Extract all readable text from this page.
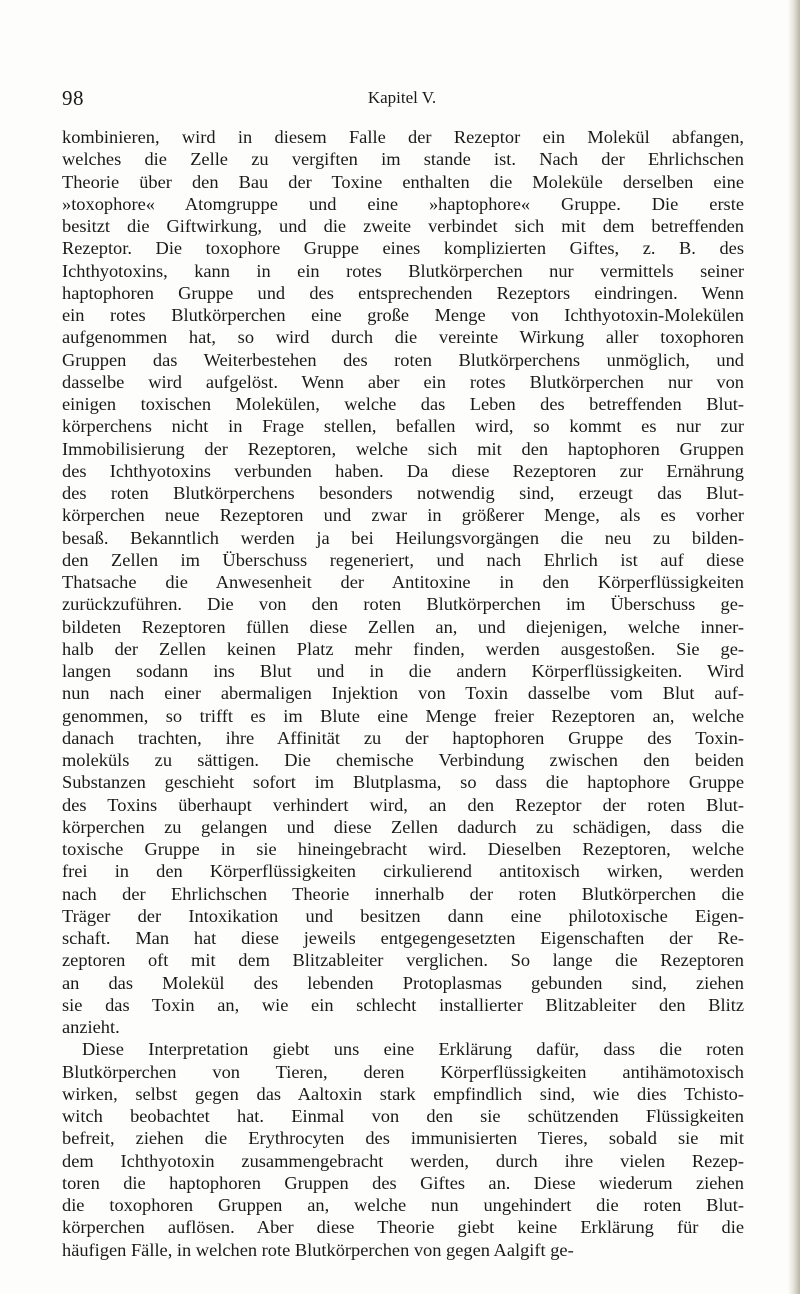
98	Kapitel V.
kombinieren, wird in diesem Falle der Rezeptor ein Molekül abfangen,
welches die Zelle zu vergiften im stande ist. Nach der Ehrlichschen
Theorie über den Bau der Toxine enthalten die Moleküle derselben eine
»toxophore« Atomgruppe und eine »haptophore« Gruppe. Die erste
besitzt die Giftwirkung, und die zweite verbindet sich mit dem betreffenden
Rezeptor. Die toxophore Gruppe eines komplizierten Giftes, z. B. des
Ichthyotoxins, kann in ein rotes Blutkörperchen nur vermittels seiner
haptophoren Gruppe und des entsprechenden Rezeptors eindringen. Wenn
ein rotes Blutkörperchen eine große Menge von Ichthyotoxin-Molekülen
aufgenommen hat, so wird durch die vereinte Wirkung aller toxophoren
Gruppen das Weiterbestehen des roten Blutkörperchens unmöglich, und
dasselbe wird aufgelöst. Wenn aber ein rotes Blutkörperchen nur von
einigen toxischen Molekülen, welche das Leben des betreffenden Blut-
körperchens nicht in Frage stellen, befallen wird, so kommt es nur zur
Immobilisierung der Rezeptoren, welche sich mit den haptophoren Gruppen
des Ichthyotoxins verbunden haben. Da diese Rezeptoren zur Ernährung
des roten Blutkörperchens besonders notwendig sind, erzeugt das Blut-
körperchen neue Rezeptoren und zwar in größerer Menge, als es vorher
besaß. Bekanntlich werden ja bei Heilungsvorgängen die neu zu bilden-
den Zellen im Überschuss regeneriert, und nach Ehrlich ist auf diese
Thatsache die Anwesenheit der Antitoxine in den Körperflüssigkeiten
zurückzuführen. Die von den roten Blutkörperchen im Überschuss ge-
bildeten Rezeptoren füllen diese Zellen an, und diejenigen, welche inner-
halb der Zellen keinen Platz mehr finden, werden ausgestoßen. Sie ge-
langen sodann ins Blut und in die andern Körperflüssigkeiten. Wird
nun nach einer abermaligen Injektion von Toxin dasselbe vom Blut auf-
genommen, so trifft es im Blute eine Menge freier Rezeptoren an, welche
danach trachten, ihre Affinität zu der haptophoren Gruppe des Toxin-
moleküls zu sättigen. Die chemische Verbindung zwischen den beiden
Substanzen geschieht sofort im Blutplasma, so dass die haptophore Gruppe
des Toxins überhaupt verhindert wird, an den Rezeptor der roten Blut-
körperchen zu gelangen und diese Zellen dadurch zu schädigen, dass die
toxische Gruppe in sie hineingebracht wird. Dieselben Rezeptoren, welche
frei in den Körperflüssigkeiten cirkulierend antitoxisch wirken, werden
nach der Ehrlichschen Theorie innerhalb der roten Blutkörperchen die
Träger der Intoxikation und besitzen dann eine philotoxische Eigen-
schaft. Man hat diese jeweils entgegengesetzten Eigenschaften der Re-
zeptoren oft mit dem Blitzableiter verglichen. So lange die Rezeptoren
an das Molekül des lebenden Protoplasmas gebunden sind, ziehen
sie das Toxin an, wie ein schlecht installierter Blitzableiter den Blitz
anzieht.
Diese Interpretation giebt uns eine Erklärung dafür, dass die roten
Blutkörperchen von Tieren, deren Körperflüssigkeiten antihämotoxisch
wirken, selbst gegen das Aaltoxin stark empfindlich sind, wie dies Tchisto-
witch beobachtet hat. Einmal von den sie schützenden Flüssigkeiten
befreit, ziehen die Erythrocyten des immunisierten Tieres, sobald sie mit
dem Ichthyotoxin zusammengebracht werden, durch ihre vielen Rezep-
toren die haptophoren Gruppen des Giftes an. Diese wiederum ziehen
die toxophoren Gruppen an, welche nun ungehindert die roten Blut-
körperchen auflösen. Aber diese Theorie giebt keine Erklärung für die
häufigen Fälle, in welchen rote Blutkörperchen von gegen Aalgift ge-
